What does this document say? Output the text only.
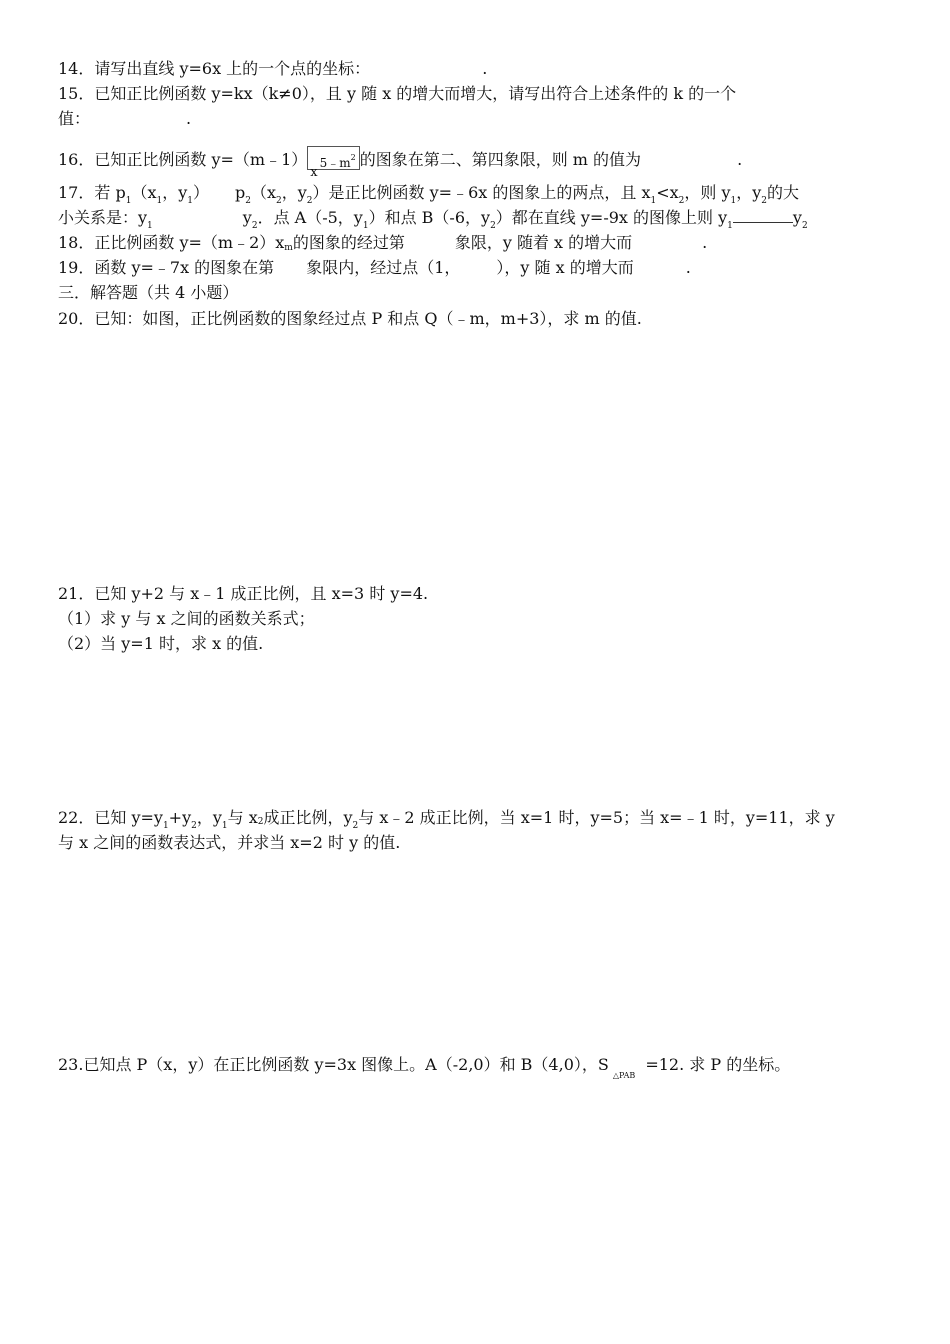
14．请写出直线 y=6x 上的一个点的坐标：	.
15．已知正比例函数 y=kx（k≠0），且 y 随 x 的增大而增大，请写出符合上述条件的 k 的一个
值：	.
16．已知正比例函数 $y=(m﹣1)x^{5﹣m2}$ 的图象在第二、第四象限，则 m 的值为	.
17．若 $p_1(x_1$，$y_1$） $p_2(x_2$，$y_2$）是正比例函数 y=﹣6x 的图象上的两点，且 $x_1<x_2$，则 $y_1$，$y_2$的大
小关系是：$y_1$	$y_2$．点 A（-5，$y_1$）和点 B（-6，$y_2$）都在直线 y=-9x 的图像上则 $y_1$	$y_2$
18．正比例函数 $y=(m﹣2)x_m$的图象的经过第	象限，y 随着 x 的增大而	.
19．函数 y=﹣7x 的图象在第 象限内，经过点（1， ），y 随 x 的增大而	.
三．解答题（共 4 小题）
20．已知：如图，正比例函数的图象经过点 P 和点 Q（﹣m，m+3），求 m 的值.
21．已知 y+2 与 x﹣1 成正比例，且 x=3 时 y=4.
（1）求 y 与 x 之间的函数关系式；
（2）当 y=1 时，求 x 的值.
22．已知 $y=y_1+y_2$，$y_1$与 x2成正比例，$y_2$与 x﹣2 成正比例，当 x=1 时，y=5；当 x=﹣1 时，y=11，求 y
与 x 之间的函数表达式，并求当 x=2 时 y 的值.
23.已知点 P（x，y）在正比例函数 y=3x 图像上。A（-2,0）和 B（4,0），$S_{\triangle PAB}=12$. 求 P 的坐标。
